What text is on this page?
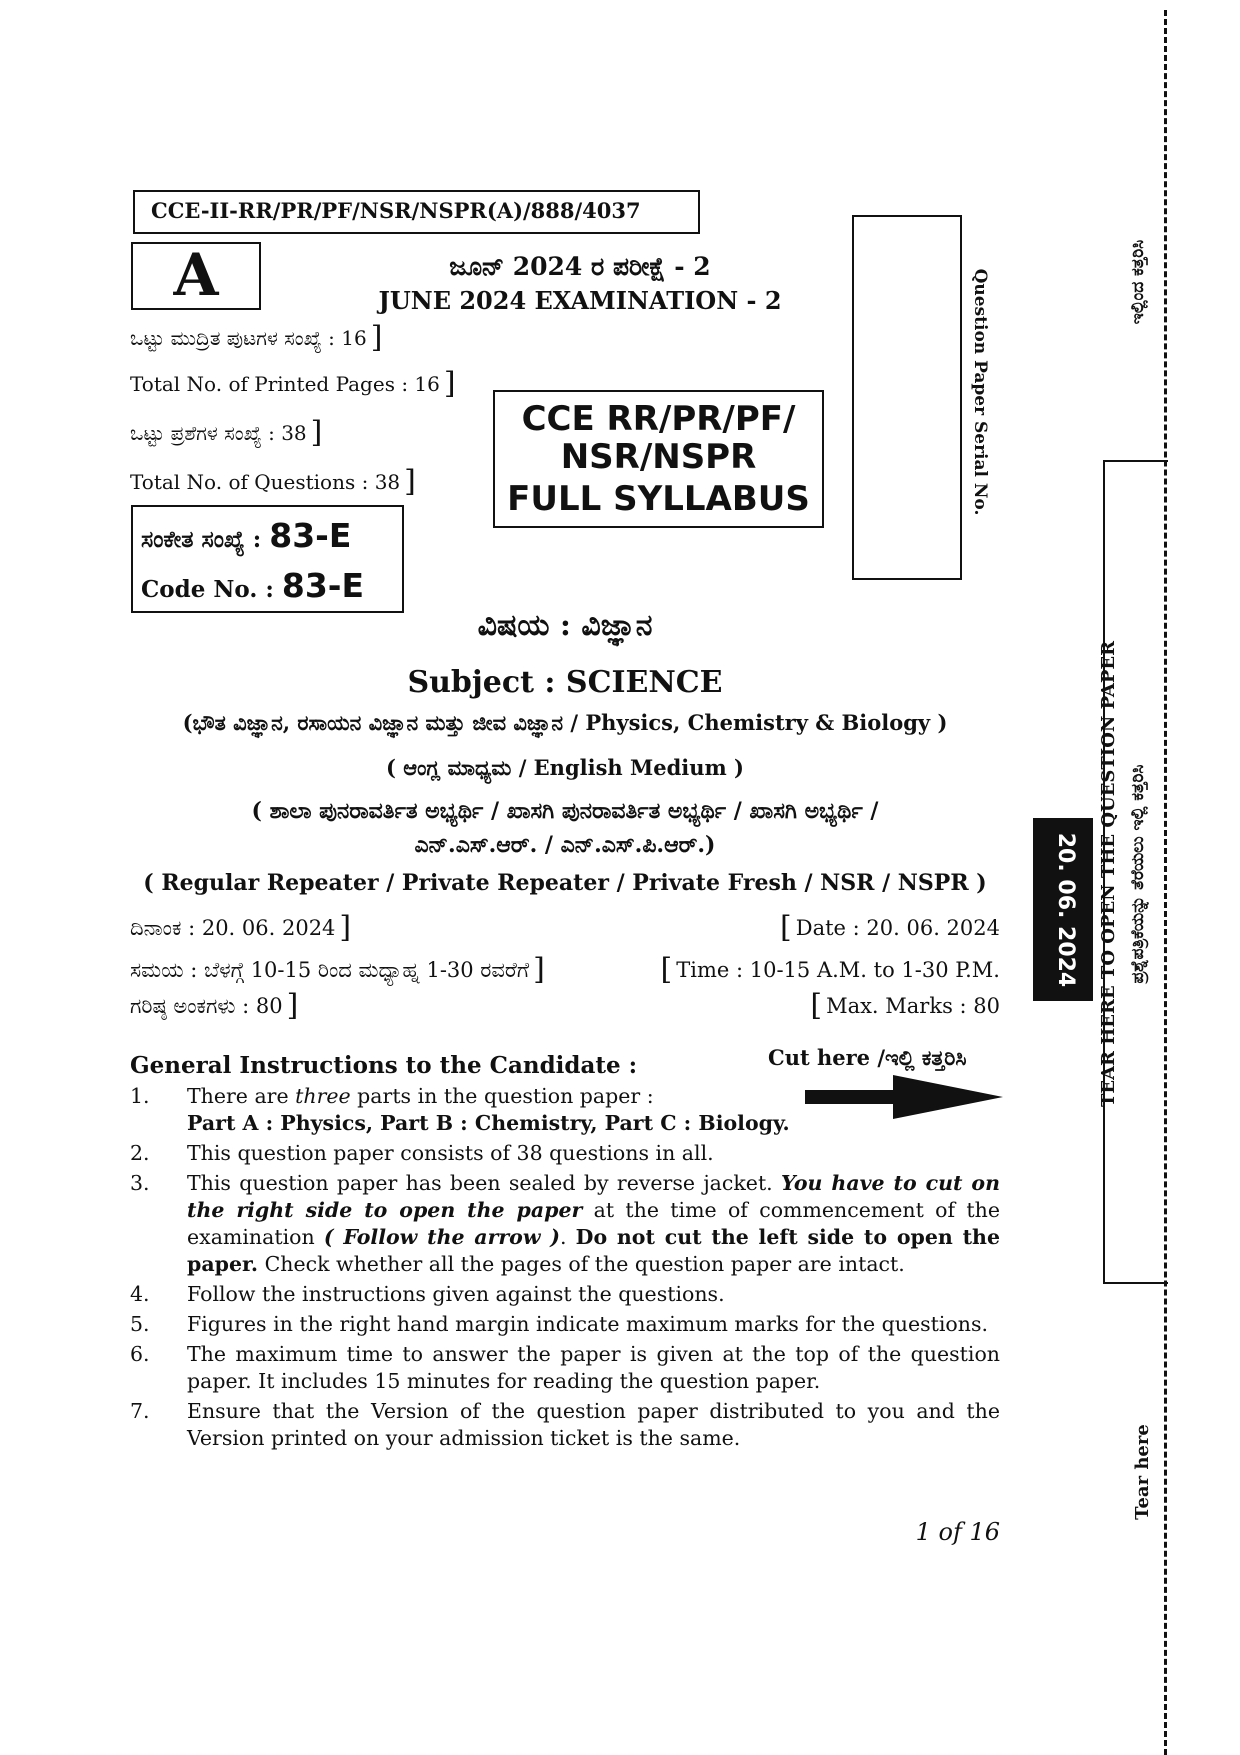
CCE-II-RR/PR/PF/NSR/NSPR(A)/888/4037
A	ಜೂನ್ 2024 ರ ಪರೀಕ್ಷೆ - 2
JUNE 2024 EXAMINATION - 2
ಒಟ್ಟು ಮುದ್ರಿತ ಪುಟಗಳ ಸಂಖ್ಯೆ : 16 ]
Total No. of Printed Pages : 16 ]
ಒಟ್ಟು ಪ್ರಶೆಗಳ ಸಂಖ್ಯೆ : 38 ]
Total No. of Questions : 38 ]
CCE RR/PR/PF/
NSR/NSPR
FULL SYLLABUS	Question Paper Serial No.
ಸಂಕೇತ ಸಂಖ್ಯೆ : 83-E
Code No. : 83-E
ವಿಷಯ : ವಿಜ್ಞಾನ
Subject : SCIENCE
(ಭೌತ ವಿಜ್ಞಾನ, ರಸಾಯನ ವಿಜ್ಞಾನ ಮತ್ತು ಜೀವ ವಿಜ್ಞಾನ / Physics, Chemistry & Biology )
( ಆಂಗ್ಲ ಮಾಧ್ಯಮ / English Medium )
( ಶಾಲಾ ಪುನರಾವರ್ತಿತ ಅಭ್ಯರ್ಥಿ / ಖಾಸಗಿ ಪುನರಾವರ್ತಿತ ಅಭ್ಯರ್ಥಿ / ಖಾಸಗಿ ಅಭ್ಯರ್ಥಿ /
ಎನ್.ಎಸ್.ಆರ್. / ಎನ್.ಎಸ್.ಪಿ.ಆರ್.)
( Regular Repeater / Private Repeater / Private Fresh / NSR / NSPR )
ದಿನಾಂಕ : 20. 06. 2024 ]	[ Date : 20. 06. 2024
ಸಮಯ : ಬೆಳಗ್ಗೆ 10-15 ರಿಂದ ಮಧ್ಯಾಹ್ನ 1-30 ರವರೆಗೆ ]	[ Time : 10-15 A.M. to 1-30 P.M.
ಗರಿಷ್ಠ ಅಂಕಗಳು : 80 ]	[ Max. Marks : 80
General Instructions to the Candidate :	Cut here /ಇಲ್ಲಿ ಕತ್ತರಿಸಿ
1.	There are three parts in the question paper :
Part A : Physics, Part B : Chemistry, Part C : Biology.
2.	This question paper consists of 38 questions in all.
3.	This question paper has been sealed by reverse jacket. You have to cut on the right side to open the paper at the time of commencement of the examination ( Follow the arrow ). Do not cut the left side to open the paper. Check whether all the pages of the question paper are intact.
4.	Follow the instructions given against the questions.
5.	Figures in the right hand margin indicate maximum marks for the questions.
6.	The maximum time to answer the paper is given at the top of the question paper. It includes 15 minutes for reading the question paper.
7.	Ensure that the Version of the question paper distributed to you and the Version printed on your admission ticket is the same.
1 of 16
ಇಲ್ಲಿಂದ ಕತ್ತರಿಸಿ
TEAR HERE TO OPEN THE QUESTION PAPER ಪ್ರಶ್ನೆಪತ್ರಿಕೆಯನ್ನು ತೆರೆಯಲು ಇಲ್ಲಿ ಕತ್ತರಿಸಿ
20. 06. 2024
Tear here
